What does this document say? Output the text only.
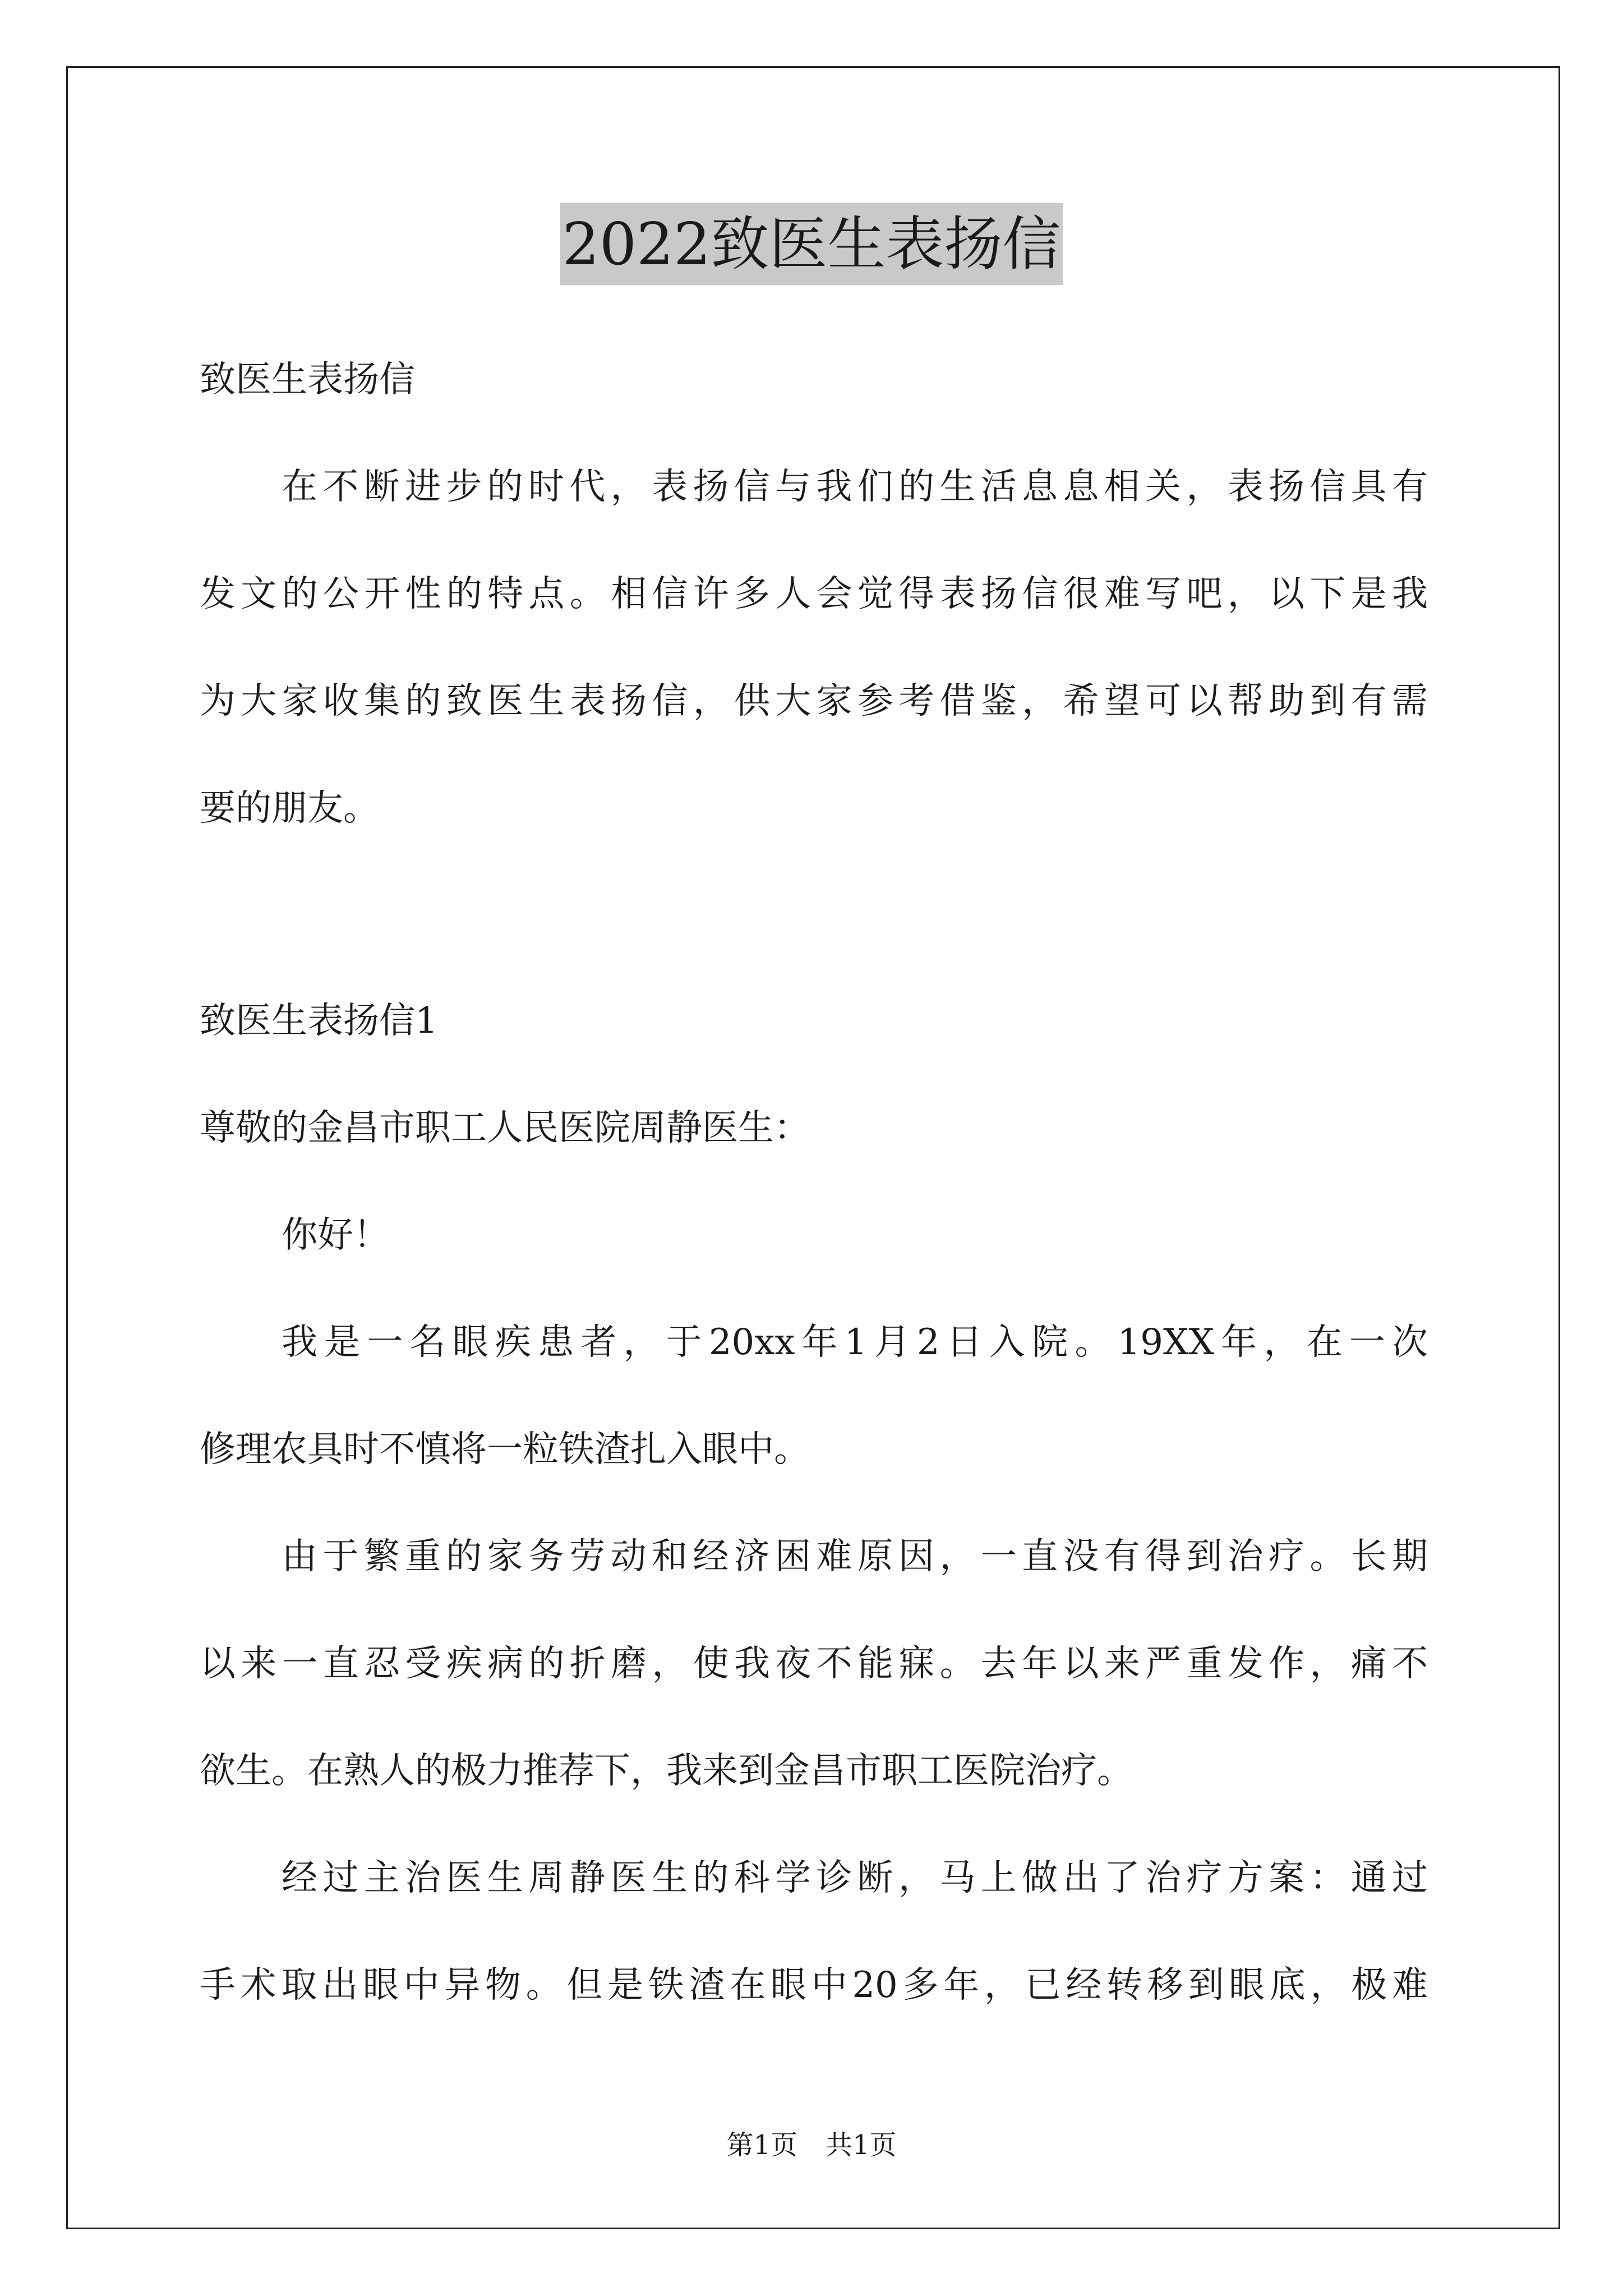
2022致医生表扬信
致医生表扬信
在不断进步的时代，表扬信与我们的生活息息相关，表扬信具有
发文的公开性的特点。相信许多人会觉得表扬信很难写吧，以下是我
为大家收集的致医生表扬信，供大家参考借鉴，希望可以帮助到有需
要的朋友。
致医生表扬信1
尊敬的金昌市职工人民医院周静医生：
你好！
我是一名眼疾患者，于20xx年1月2日入院。19XX年，在一次
修理农具时不慎将一粒铁渣扎入眼中。
由于繁重的家务劳动和经济困难原因，一直没有得到治疗。长期
以来一直忍受疾病的折磨，使我夜不能寐。去年以来严重发作，痛不
欲生。在熟人的极力推荐下，我来到金昌市职工医院治疗。
经过主治医生周静医生的科学诊断，马上做出了治疗方案：通过
手术取出眼中异物。但是铁渣在眼中20多年，已经转移到眼底，极难
第1页 共1页
